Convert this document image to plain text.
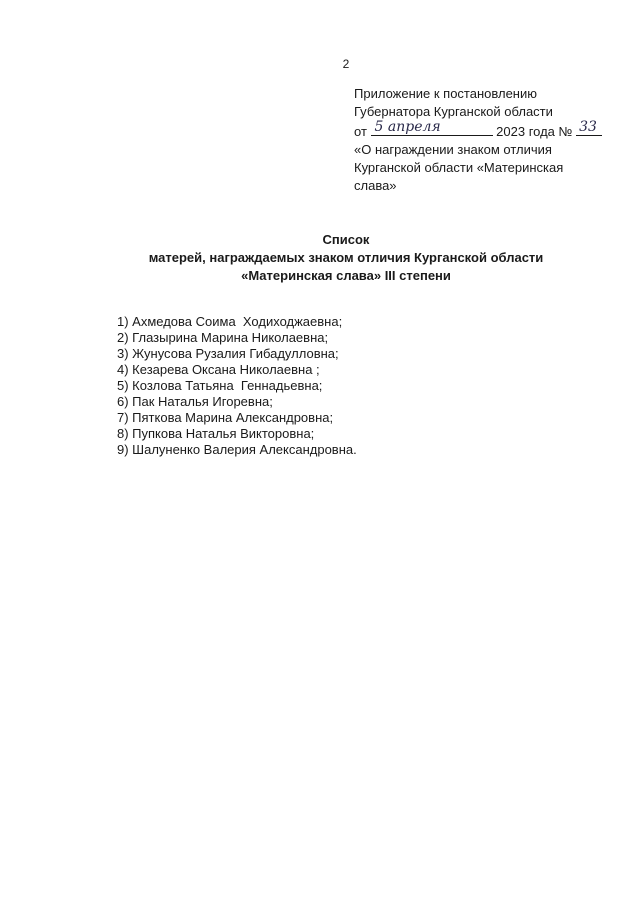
2
Приложение к постановлению
Губернатора Курганской области
от 5 апреля	2023 года № 33
«О награждении знаком отличия
Курганской области «Материнская
слава»
Список
матерей, награждаемых знаком отличия Курганской области
«Материнская слава» III степени
1) Ахмедова Соима  Ходиходжаевна;
2) Глазырина Марина Николаевна;
3) Жунусова Рузалия Гибадулловна;
4) Кезарева Оксана Николаевна ;
5) Козлова Татьяна  Геннадьевна;
6) Пак Наталья Игоревна;
7) Пяткова Марина Александровна;
8) Пупкова Наталья Викторовна;
9) Шалуненко Валерия Александровна.
